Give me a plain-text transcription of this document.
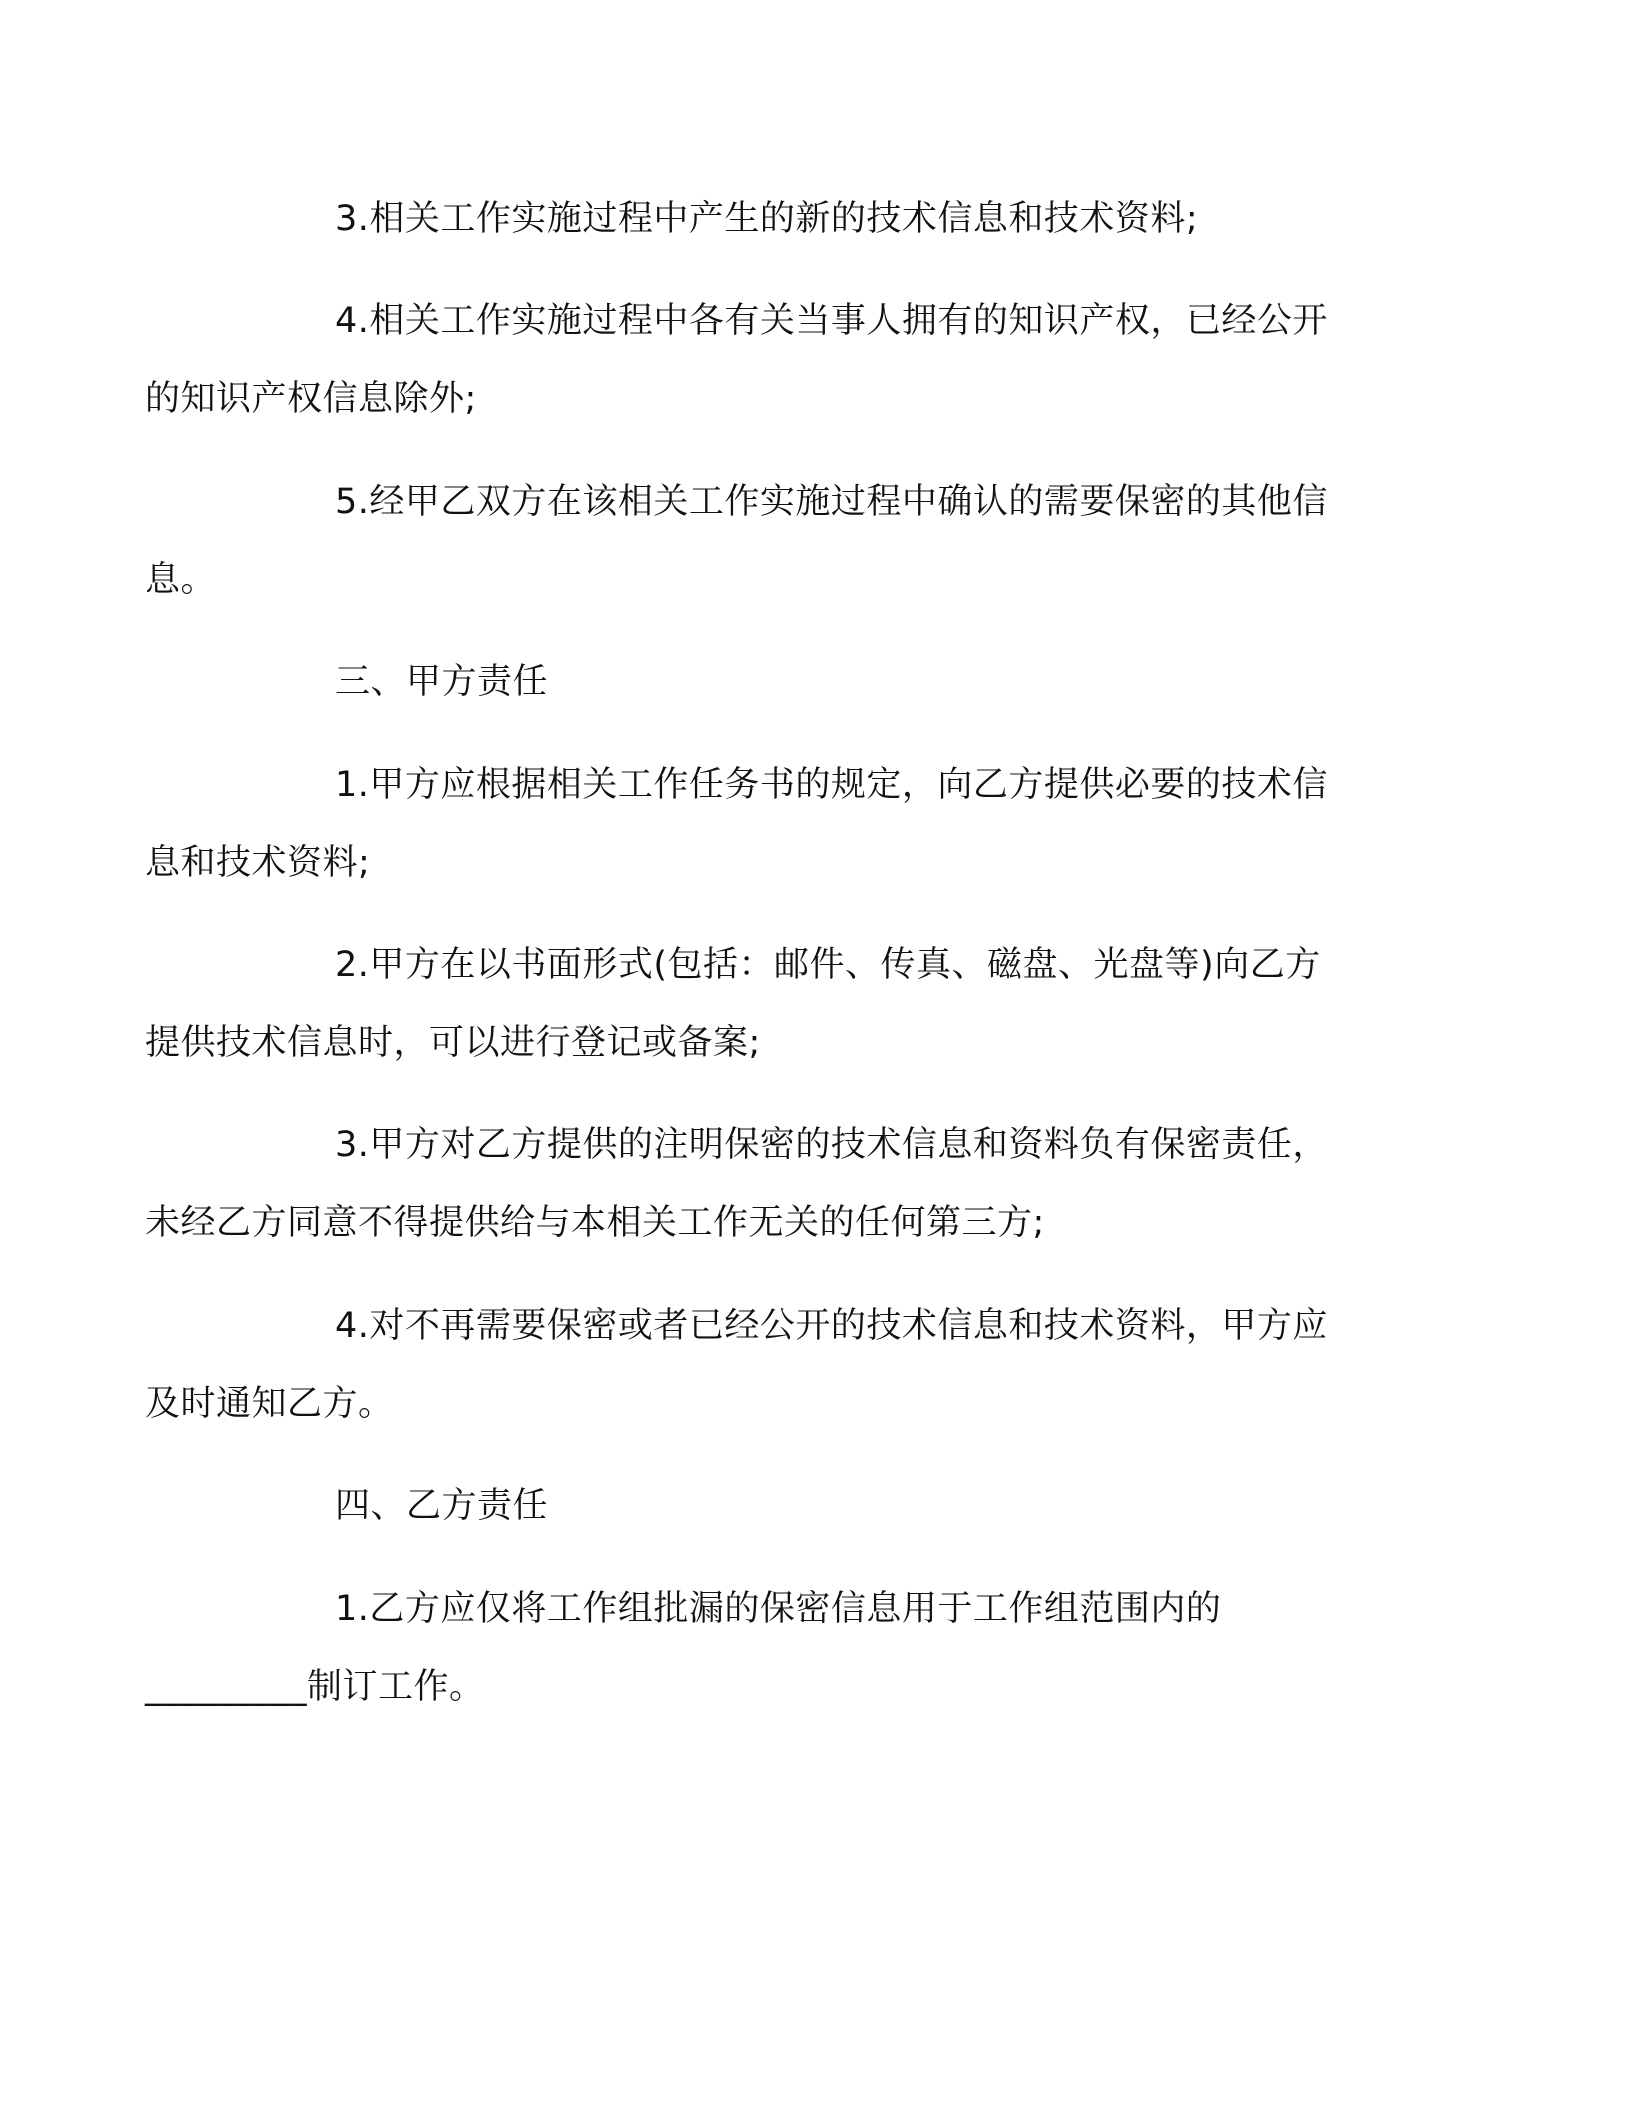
3.相关工作实施过程中产生的新的技术信息和技术资料;

4.相关工作实施过程中各有关当事人拥有的知识产权，已经公开
的知识产权信息除外;

5.经甲乙双方在该相关工作实施过程中确认的需要保密的其他信
息。

三、甲方责任

1.甲方应根据相关工作任务书的规定，向乙方提供必要的技术信
息和技术资料;

2.甲方在以书面形式(包括：邮件、传真、磁盘、光盘等)向乙方
提供技术信息时，可以进行登记或备案;

3.甲方对乙方提供的注明保密的技术信息和资料负有保密责任，
未经乙方同意不得提供给与本相关工作无关的任何第三方;

4.对不再需要保密或者已经公开的技术信息和技术资料，甲方应
及时通知乙方。

四、乙方责任

1.乙方应仅将工作组批漏的保密信息用于工作组范围内的
_________制订工作。
